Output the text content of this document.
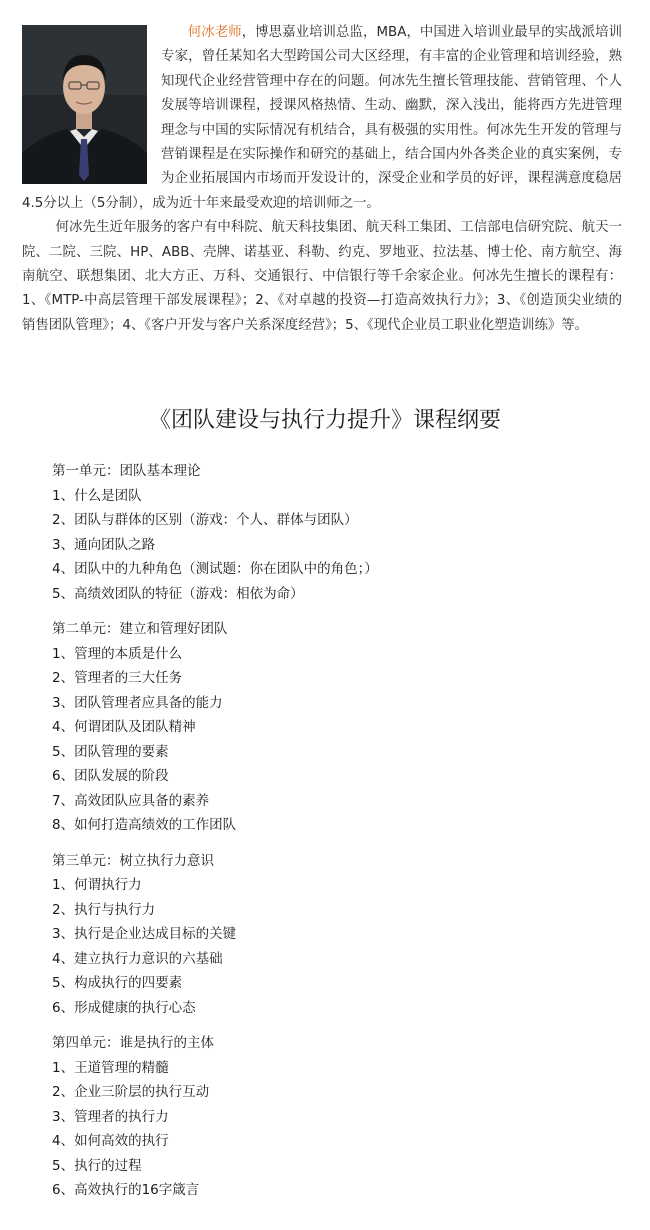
何冰老师，博思嘉业培训总监，MBA，中国进入培训业最早的实战派培训专家，曾任某知名大型跨国公司大区经理，有丰富的企业管理和培训经验，熟知现代企业经营管理中存在的问题。何冰先生擅长管理技能、营销管理、个人发展等培训课程，授课风格热情、生动、幽默，深入浅出，能将西方先进管理理念与中国的实际情况有机结合，具有极强的实用性。何冰先生开发的管理与营销课程是在实际操作和研究的基础上，结合国内外各类企业的真实案例，专为企业拓展国内市场而开发设计的，深受企业和学员的好评，课程满意度稳居4.5分以上（5分制），成为近十年来最受欢迎的培训师之一。

何冰先生近年服务的客户有中科院、航天科技集团、航天科工集团、工信部电信研究院、航天一院、二院、三院、HP、ABB、壳牌、诺基亚、科勒、约克、罗地亚、拉法基、博士伦、南方航空、海南航空、联想集团、北大方正、万科、交通银行、中信银行等千余家企业。何冰先生擅长的课程有：1、《MTP-中高层管理干部发展课程》；2、《对卓越的投资—打造高效执行力》；3、《创造顶尖业绩的销售团队管理》；4、《客户开发与客户关系深度经营》；5、《现代企业员工职业化塑造训练》等。

《团队建设与执行力提升》课程纲要
第一单元：团队基本理论
1、什么是团队
2、团队与群体的区别（游戏：个人、群体与团队）
3、通向团队之路
4、团队中的九种角色（测试题：你在团队中的角色；）
5、高绩效团队的特征（游戏：相依为命）
第二单元：建立和管理好团队
1、管理的本质是什么
2、管理者的三大任务
3、团队管理者应具备的能力
4、何谓团队及团队精神
5、团队管理的要素
6、团队发展的阶段
7、高效团队应具备的素养
8、如何打造高绩效的工作团队
第三单元：树立执行力意识
1、何谓执行力
2、执行与执行力
3、执行是企业达成目标的关键
4、建立执行力意识的六基础
5、构成执行的四要素
6、形成健康的执行心态
第四单元：谁是执行的主体
1、王道管理的精髓
2、企业三阶层的执行互动
3、管理者的执行力
4、如何高效的执行
5、执行的过程
6、高效执行的16字箴言
